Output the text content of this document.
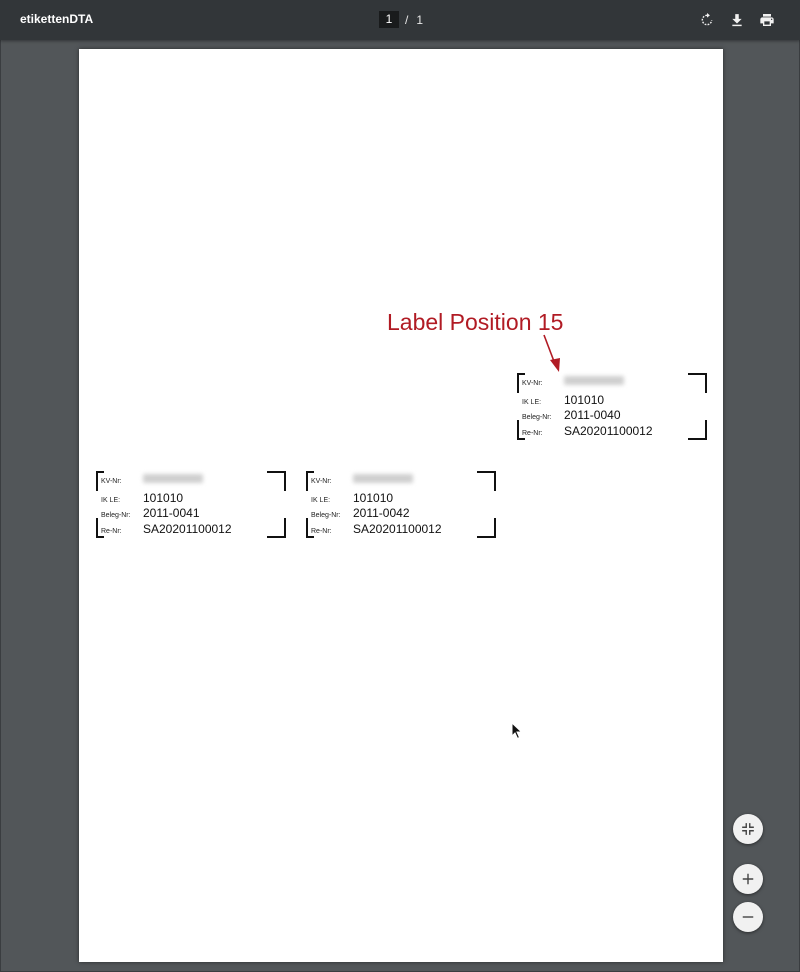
etikettenDTA	1	/ 1
Label Position 15
KV-Nr:
IK LE:	101010
Beleg-Nr:	2011-0040
Re-Nr:	SA20201100012
KV-Nr:
IK LE:	101010
Beleg-Nr:	2011-0041
Re-Nr:	SA20201100012
KV-Nr:
IK LE:	101010
Beleg-Nr:	2011-0042
Re-Nr:	SA20201100012
